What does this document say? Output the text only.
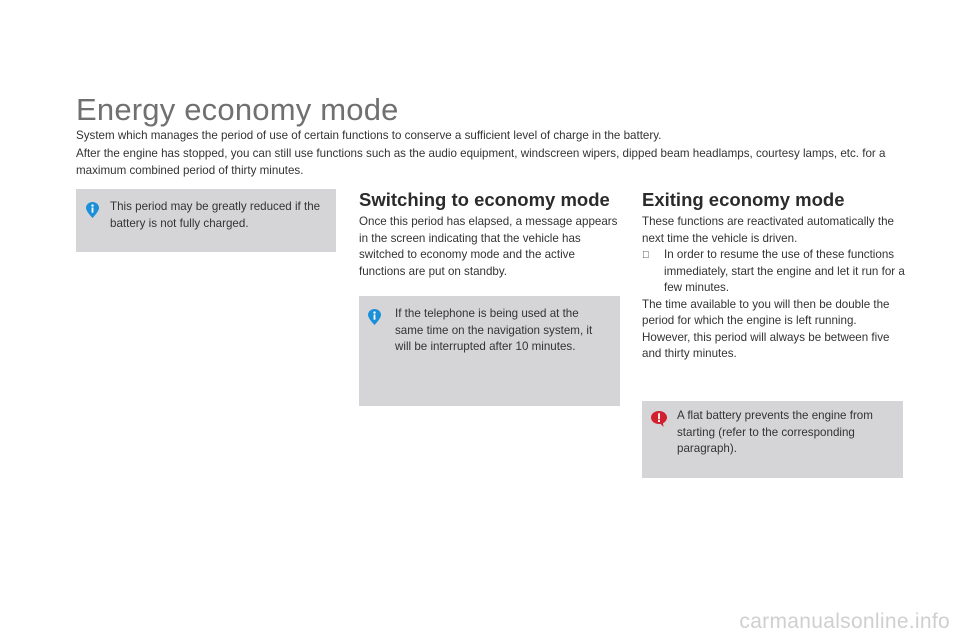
Energy economy mode

System which manages the period of use of certain functions to conserve a sufficient level of charge in the battery.

After the engine has stopped, you can still use functions such as the audio equipment, windscreen wipers, dipped beam headlamps, courtesy lamps, etc. for a maximum combined period of thirty minutes.

This period may be greatly reduced if the battery is not fully charged.
Switching to economy mode

Once this period has elapsed, a message appears in the screen indicating that the vehicle has switched to economy mode and the active functions are put on standby.

If the telephone is being used at the same time on the navigation system, it will be interrupted after 10 minutes.
Exiting economy mode

These functions are reactivated automatically the next time the vehicle is driven.

In order to resume the use of these functions immediately, start the engine and let it run for a few minutes.

The time available to you will then be double the period for which the engine is left running. However, this period will always be between five and thirty minutes.

A flat battery prevents the engine from starting (refer to the corresponding paragraph).
carmanualsonline.info
